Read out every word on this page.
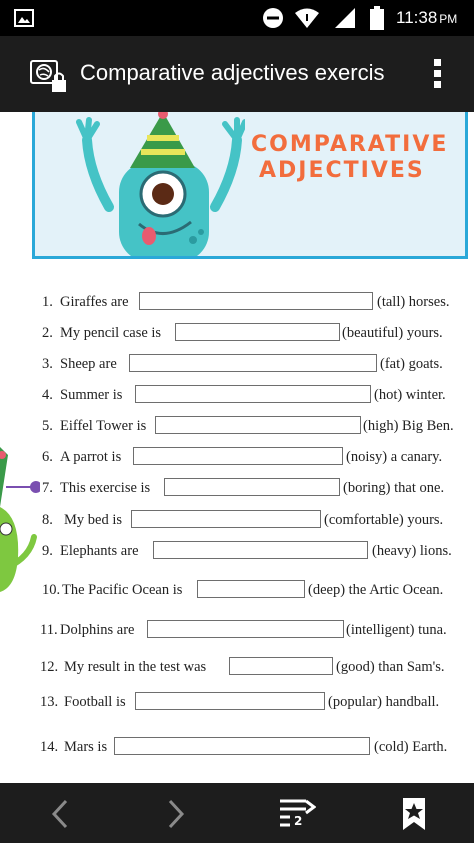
11:38 PM
Comparative adjectives exercis
COMPARATIVE
ADJECTIVES
1. Giraffes are	(tall) horses.
2. My pencil case is	(beautiful) yours.
3. Sheep are	(fat) goats.
4. Summer is	(hot) winter.
5. Eiffel Tower is	(high) Big Ben.
6. A parrot is	(noisy) a canary.
7. This exercise is	(boring) that one.
8. My bed is	(comfortable) yours.
9. Elephants are	(heavy) lions.
10. The Pacific Ocean is	(deep) the Artic Ocean.
11. Dolphins are	(intelligent) tuna.
12. My result in the test was	(good) than Sam's.
13. Football is	(popular) handball.
14. Mars is	(cold) Earth.
2
